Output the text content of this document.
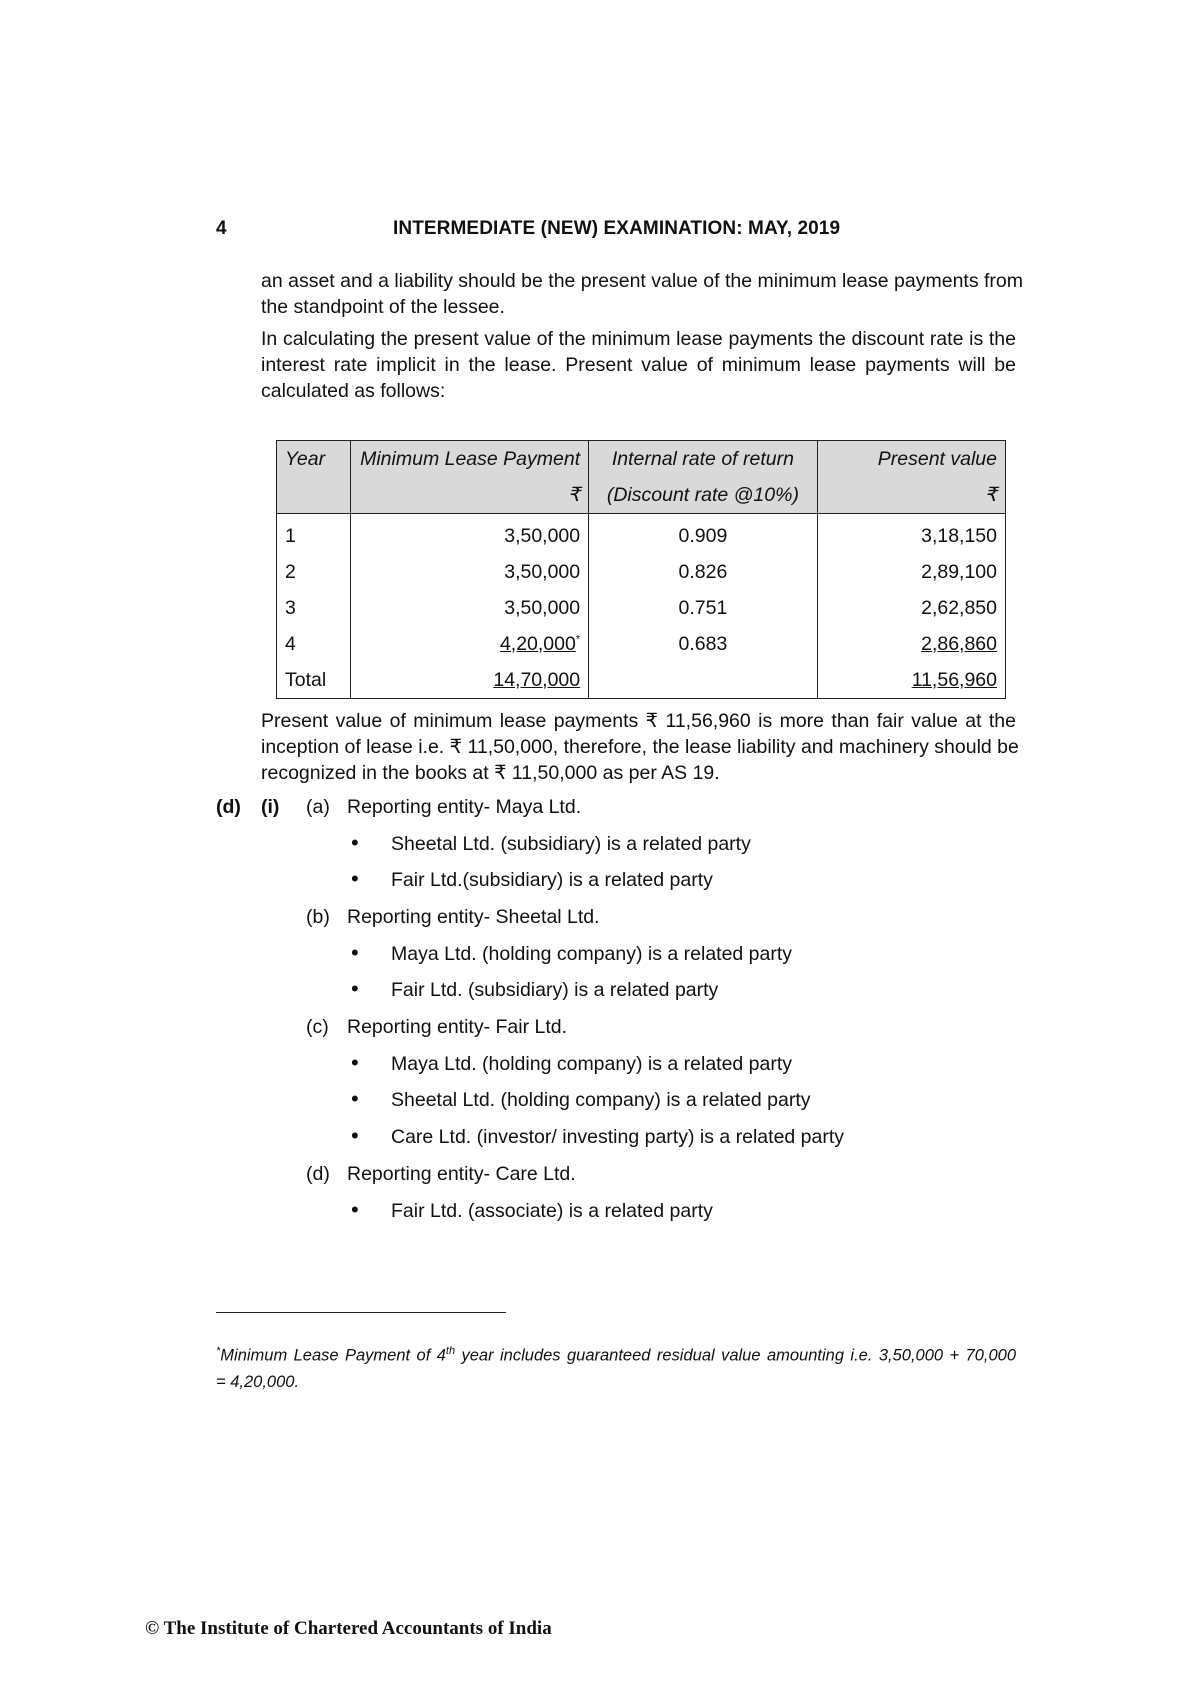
4	INTERMEDIATE (NEW) EXAMINATION: MAY, 2019
an asset and a liability should be the present value of the minimum lease payments from
the standpoint of the lessee.
In calculating the present value of the minimum lease payments the discount rate is the
interest rate implicit in the lease. Present value of minimum lease payments will be
calculated as follows:
Year	Minimum Lease Payment	Internal rate of return	Present value
	₹	(Discount rate @10%)	₹
1	3,50,000	0.909	3,18,150
2	3,50,000	0.826	2,89,100
3	3,50,000	0.751	2,62,850
4	4,20,000*	0.683	2,86,860
Total	14,70,000		11,56,960
Present value of minimum lease payments ₹ 11,56,960 is more than fair value at the
inception of lease i.e. ₹ 11,50,000, therefore, the lease liability and machinery should be
recognized in the books at ₹ 11,50,000 as per AS 19.
(d) (i) (a) Reporting entity- Maya Ltd.
• Sheetal Ltd. (subsidiary) is a related party
• Fair Ltd.(subsidiary) is a related party
(b) Reporting entity- Sheetal Ltd.
• Maya Ltd. (holding company) is a related party
• Fair Ltd. (subsidiary) is a related party
(c) Reporting entity- Fair Ltd.
• Maya Ltd. (holding company) is a related party
• Sheetal Ltd. (holding company) is a related party
• Care Ltd. (investor/ investing party) is a related party
(d) Reporting entity- Care Ltd.
• Fair Ltd. (associate) is a related party
*Minimum Lease Payment of 4th year includes guaranteed residual value amounting i.e. 3,50,000 + 70,000
= 4,20,000.
© The Institute of Chartered Accountants of India
